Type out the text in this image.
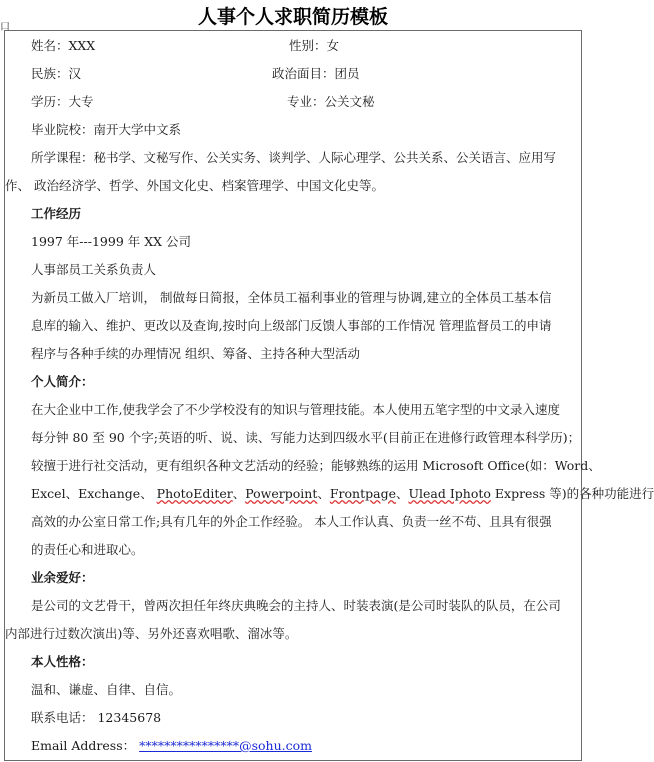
人事个人求职简历模板
口
姓名：XXX	性别：女
民族：汉	政治面目：团员
学历：大专	专业：公关文秘
毕业院校：南开大学中文系
所学课程：秘书学、文秘写作、公关实务、谈判学、人际心理学、公共关系、公关语言、应用写
作、 政治经济学、哲学、外国文化史、档案管理学、中国文化史等。
工作经历
1997 年---1999 年 XX 公司
人事部员工关系负责人
为新员工做入厂培训， 制做每日简报，全体员工福利事业的管理与协调,建立的全体员工基本信
息库的输入、维护、更改以及查询,按时向上级部门反馈人事部的工作情况 管理监督员工的申请
程序与各种手续的办理情况 组织、筹备、主持各种大型活动
个人简介：
在大企业中工作,使我学会了不少学校没有的知识与管理技能。本人使用五笔字型的中文录入速度
每分钟 80 至 90 个字;英语的听、说、读、写能力达到四级水平(目前正在进修行政管理本科学历)；
较擅于进行社交活动，更有组织各种文艺活动的经验；能够熟练的运用 Microsoft Office(如：Word、
Excel、Exchange、 PhotoEditer、Powerpoint、Frontpage、Ulead Iphoto Express 等)的各种功能进行
高效的办公室日常工作;具有几年的外企工作经验。 本人工作认真、负责一丝不苟、且具有很强
的责任心和进取心。
业余爱好：
是公司的文艺骨干，曾两次担任年终庆典晚会的主持人、时装表演(是公司时装队的队员，在公司
内部进行过数次演出)等、另外还喜欢唱歌、溜冰等。
本人性格：
温和、谦虚、自律、自信。
联系电话： 12345678
Email Address： ****************@sohu.com
